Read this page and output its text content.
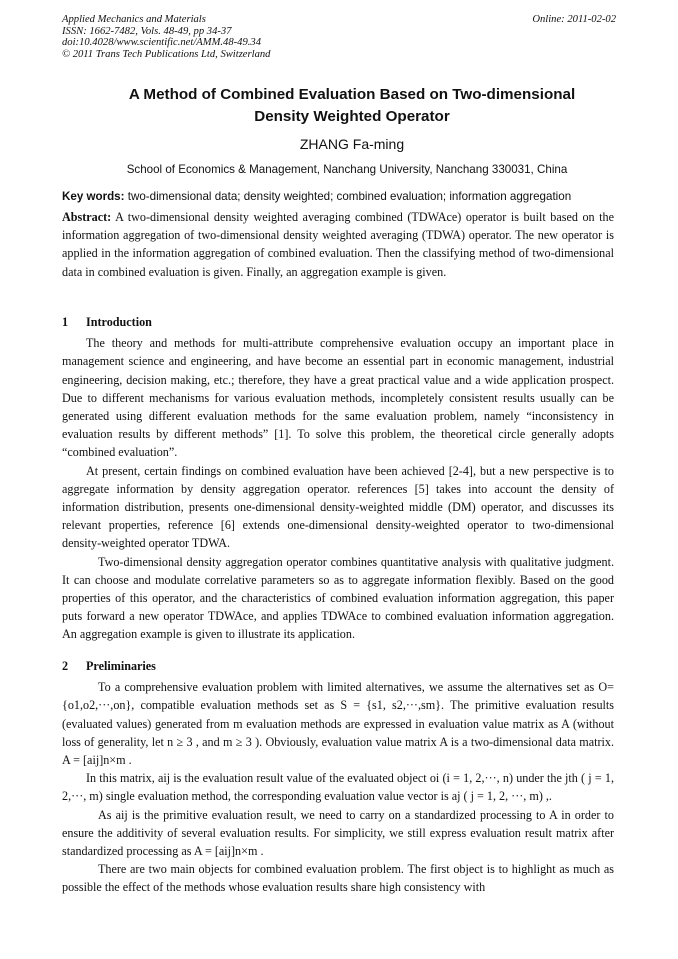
Applied Mechanics and Materials
ISSN: 1662-7482, Vols. 48-49, pp 34-37
doi:10.4028/www.scientific.net/AMM.48-49.34
© 2011 Trans Tech Publications Ltd, Switzerland
Online: 2011-02-02
A Method of Combined Evaluation Based on Two-dimensional
Density Weighted Operator
ZHANG Fa-ming
School of Economics & Management, Nanchang University, Nanchang 330031, China
Key words: two-dimensional data; density weighted; combined evaluation; information aggregation

Abstract: A two-dimensional density weighted averaging combined (TDWAce) operator is built based on the information aggregation of two-dimensional density weighted averaging (TDWA) operator. The new operator is applied in the information aggregation of combined evaluation. Then the classifying method of two-dimensional data in combined evaluation is given. Finally, an aggregation example is given.

1 Introduction

The theory and methods for multi-attribute comprehensive evaluation occupy an important place in management science and engineering, and have become an essential part in economic management, industrial engineering, decision making, etc.; therefore, they have a great practical value and a wide application prospect. Due to different mechanisms for various evaluation methods, incompletely consistent results usually can be generated using different evaluation methods for the same evaluation problem, namely “inconsistency in evaluation results by different methods” [1]. To solve this problem, the theoretical circle generally adopts “combined evaluation”.

At present, certain findings on combined evaluation have been achieved [2-4], but a new perspective is to aggregate information by density aggregation operator. references [5] takes into account the density of information distribution, presents one-dimensional density-weighted middle (DM) operator, and discusses its relevant properties, reference [6] extends one-dimensional density-weighted operator to two-dimensional density-weighted operator TDWA.

Two-dimensional density aggregation operator combines quantitative analysis with qualitative judgment. It can choose and modulate correlative parameters so as to aggregate information flexibly. Based on the good properties of this operator, and the characteristics of combined evaluation information aggregation, this paper puts forward a new operator TDWAce, and applies TDWAce to combined evaluation information aggregation. An aggregation example is given to illustrate its application.

2 Preliminaries

To a comprehensive evaluation problem with limited alternatives, we assume the alternatives set as O={o1,o2,···,on}, compatible evaluation methods set as S = {s1, s2,···,sm}. The primitive evaluation results (evaluated values) generated from m evaluation methods are expressed in evaluation value matrix as A (without loss of generality, let n ≥ 3 , and m ≥ 3 ). Obviously, evaluation value matrix A is a two-dimensional data matrix. A = [aij]n×m .

In this matrix, aij is the evaluation result value of the evaluated object oi (i = 1, 2,···, n) under the jth ( j = 1, 2,···, m) single evaluation method, the corresponding evaluation value vector is aj ( j = 1, 2, ···, m) ,.

As aij is the primitive evaluation result, we need to carry on a standardized processing to A in order to ensure the additivity of several evaluation results. For simplicity, we still express evaluation result matrix after standardized processing as A = [aij]n×m .

There are two main objects for combined evaluation problem. The first object is to highlight as much as possible the effect of the methods whose evaluation results share high consistency with
